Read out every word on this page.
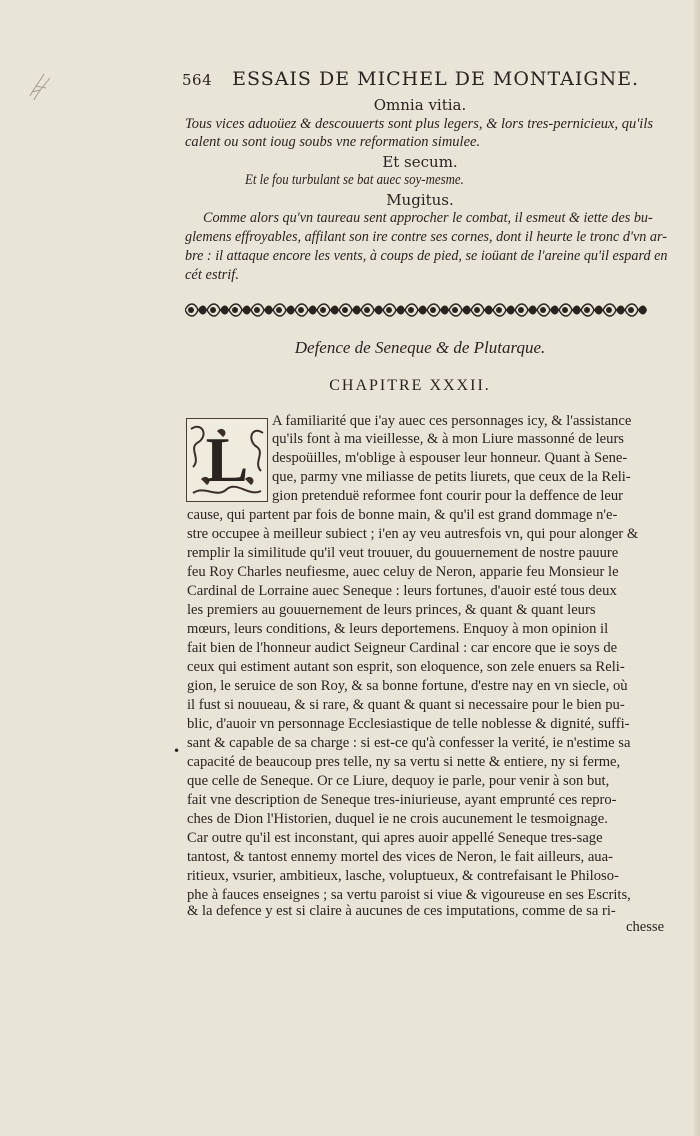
564 ESSAIS DE MICHEL DE MONTAIGNE.
Omnia vitia.
Tous vices aduoüez & descouuerts sont plus legers, & lors tres-pernicieux, qu'ils
calent ou sont ioug soubs vne reformation simulee.
Et secum.
Et le fou turbulant se bat auec soy-mesme.
Mugitus.
Comme alors qu'vn taureau sent approcher le combat, il esmeut & iette des bu-
glemens effroyables, affilant son ire contre ses cornes, dont il heurte le tronc d'vn ar-
bre : il attaque encore les vents, à coups de pied, se ioüant de l'areine qu'il espard en
cét estrif.
Defence de Seneque & de Plutarque.
CHAPITRE XXXII.
L
A familiarité que i'ay auec ces personnages icy, & l'assistance
qu'ils font à ma vieillesse, & à mon Liure massonné de leurs
despoüilles, m'oblige à espouser leur honneur. Quant à Sene-
que, parmy vne miliasse de petits liurets, que ceux de la Reli-
gion pretenduë reformee font courir pour la deffence de leur
cause, qui partent par fois de bonne main, & qu'il est grand dommage n'e-
stre occupee à meilleur subiect ; i'en ay veu autresfois vn, qui pour alonger &
remplir la similitude qu'il veut trouuer, du gouuernement de nostre pauure
feu Roy Charles neufiesme, auec celuy de Neron, apparie feu Monsieur le
Cardinal de Lorraine auec Seneque : leurs fortunes, d'auoir esté tous deux
les premiers au gouuernement de leurs princes, & quant & quant leurs
mœurs, leurs conditions, & leurs deportemens. Enquoy à mon opinion il
fait bien de l'honneur audict Seigneur Cardinal : car encore que ie soys de
ceux qui estiment autant son esprit, son eloquence, son zele enuers sa Reli-
gion, le seruice de son Roy, & sa bonne fortune, d'estre nay en vn siecle, où
il fust si nouueau, & si rare, & quant & quant si necessaire pour le bien pu-
blic, d'auoir vn personnage Ecclesiastique de telle noblesse & dignité, suffi-
sant & capable de sa charge : si est-ce qu'à confesser la verité, ie n'estime sa
capacité de beaucoup pres telle, ny sa vertu si nette & entiere, ny si ferme,
que celle de Seneque. Or ce Liure, dequoy ie parle, pour venir à son but,
fait vne description de Seneque tres-iniurieuse, ayant emprunté ces repro-
ches de Dion l'Historien, duquel ie ne crois aucunement le tesmoignage.
Car outre qu'il est inconstant, qui apres auoir appellé Seneque tres-sage
tantost, & tantost ennemy mortel des vices de Neron, le fait ailleurs, aua-
ritieux, vsurier, ambitieux, lasche, voluptueux, & contrefaisant le Philoso-
phe à fauces enseignes ; sa vertu paroist si viue & vigoureuse en ses Escrits,
& la defence y est si claire à aucunes de ces imputations, comme de sa ri-
chesse
•
